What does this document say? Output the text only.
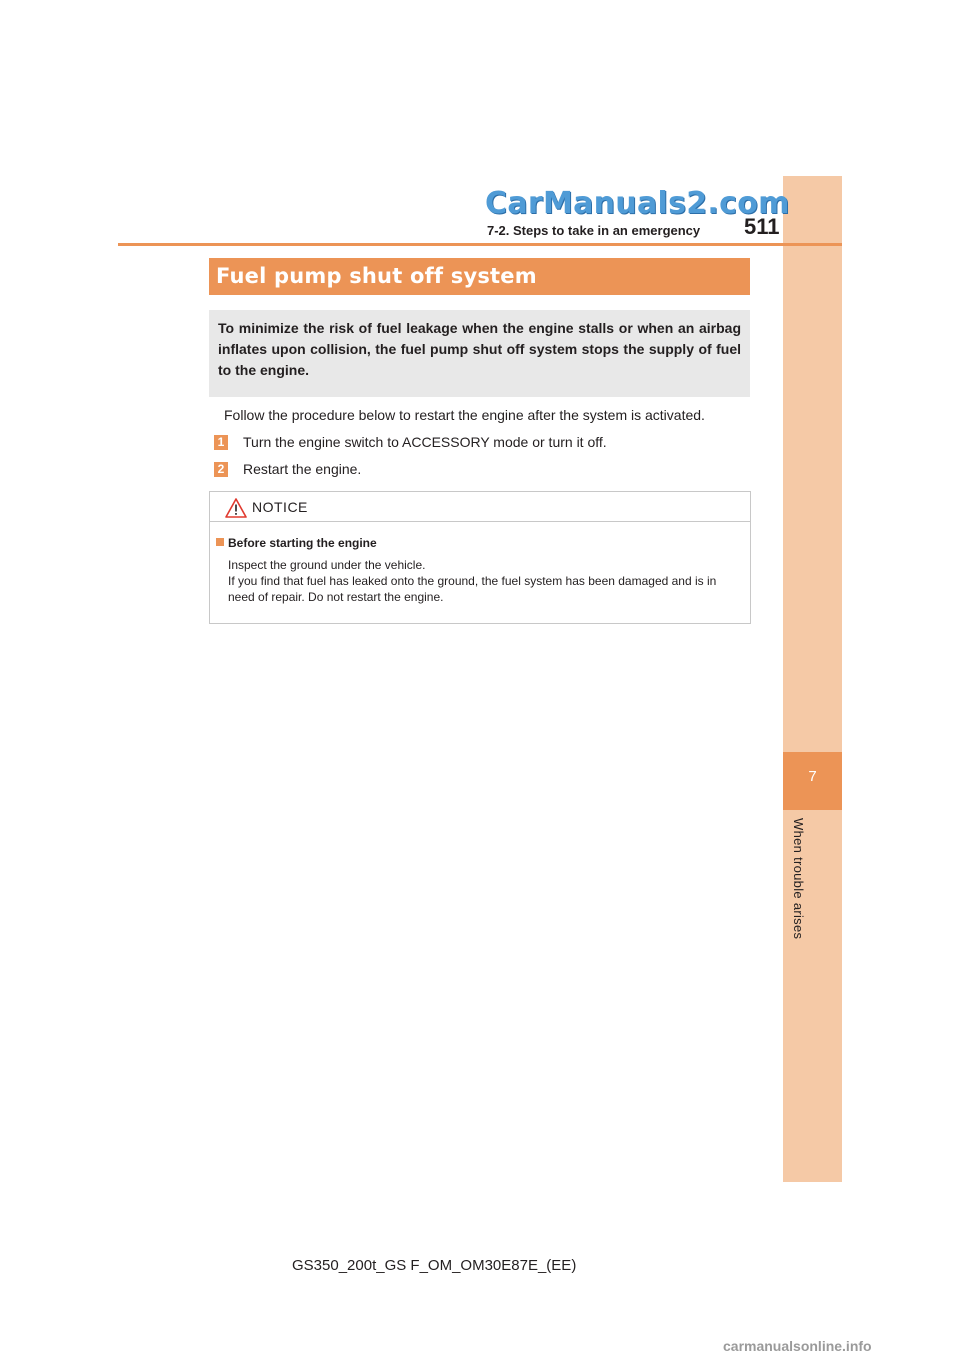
7
When trouble arises
CarManuals2.com
7-2. Steps to take in an emergency 511
Fuel pump shut off system
To minimize the risk of fuel leakage when the engine stalls or when an airbag inflates upon collision, the fuel pump shut off system stops the supply of fuel to the engine.
Follow the procedure below to restart the engine after the system is activated.
1 Turn the engine switch to ACCESSORY mode or turn it off.
2 Restart the engine.
NOTICE
Before starting the engine
Inspect the ground under the vehicle.
If you find that fuel has leaked onto the ground, the fuel system has been damaged and is in need of repair. Do not restart the engine.
GS350_200t_GS F_OM_OM30E87E_(EE)
carmanualsonline.info
